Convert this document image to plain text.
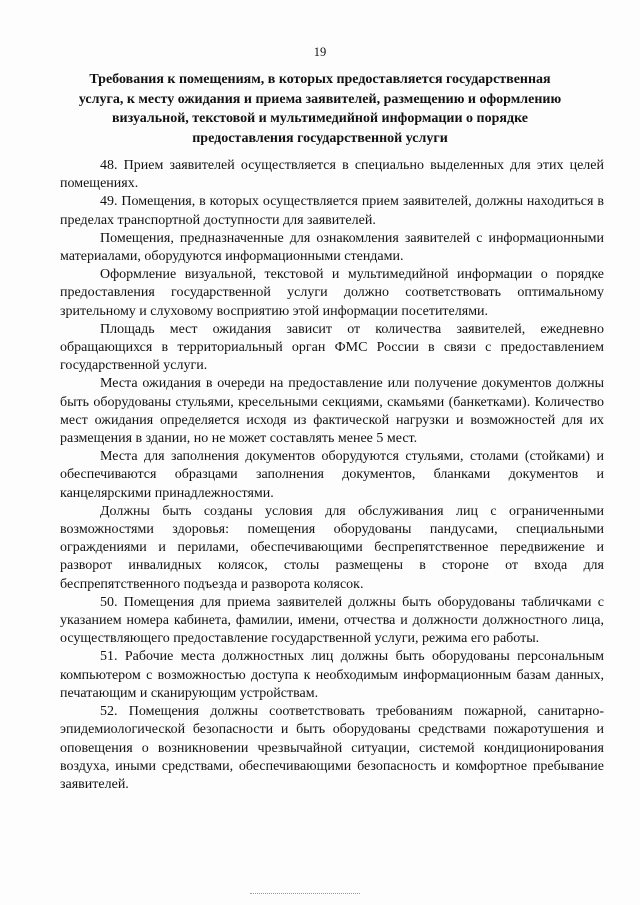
19
Требования к помещениям, в которых предоставляется государственная услуга, к месту ожидания и приема заявителей, размещению и оформлению визуальной, текстовой и мультимедийной информации о порядке предоставления государственной услуги

48. Прием заявителей осуществляется в специально выделенных для этих целей помещениях.

49. Помещения, в которых осуществляется прием заявителей, должны находиться в пределах транспортной доступности для заявителей.

Помещения, предназначенные для ознакомления заявителей с информационными материалами, оборудуются информационными стендами.

Оформление визуальной, текстовой и мультимедийной информации о порядке предоставления государственной услуги должно соответствовать оптимальному зрительному и слуховому восприятию этой информации посетителями.

Площадь мест ожидания зависит от количества заявителей, ежедневно обращающихся в территориальный орган ФМС России в связи с предоставлением государственной услуги.

Места ожидания в очереди на предоставление или получение документов должны быть оборудованы стульями, кресельными секциями, скамьями (банкетками). Количество мест ожидания определяется исходя из фактической нагрузки и возможностей для их размещения в здании, но не может составлять менее 5 мест.

Места для заполнения документов оборудуются стульями, столами (стойками) и обеспечиваются образцами заполнения документов, бланками документов и канцелярскими принадлежностями.

Должны быть созданы условия для обслуживания лиц с ограниченными возможностями здоровья: помещения оборудованы пандусами, специальными ограждениями и перилами, обеспечивающими беспрепятственное передвижение и разворот инвалидных колясок, столы размещены в стороне от входа для беспрепятственного подъезда и разворота колясок.

50. Помещения для приема заявителей должны быть оборудованы табличками с указанием номера кабинета, фамилии, имени, отчества и должности должностного лица, осуществляющего предоставление государственной услуги, режима его работы.

51. Рабочие места должностных лиц должны быть оборудованы персональным компьютером с возможностью доступа к необходимым информационным базам данных, печатающим и сканирующим устройствам.

52. Помещения должны соответствовать требованиям пожарной, санитарно-эпидемиологической безопасности и быть оборудованы средствами пожаротушения и оповещения о возникновении чрезвычайной ситуации, системой кондиционирования воздуха, иными средствами, обеспечивающими безопасность и комфортное пребывание заявителей.
